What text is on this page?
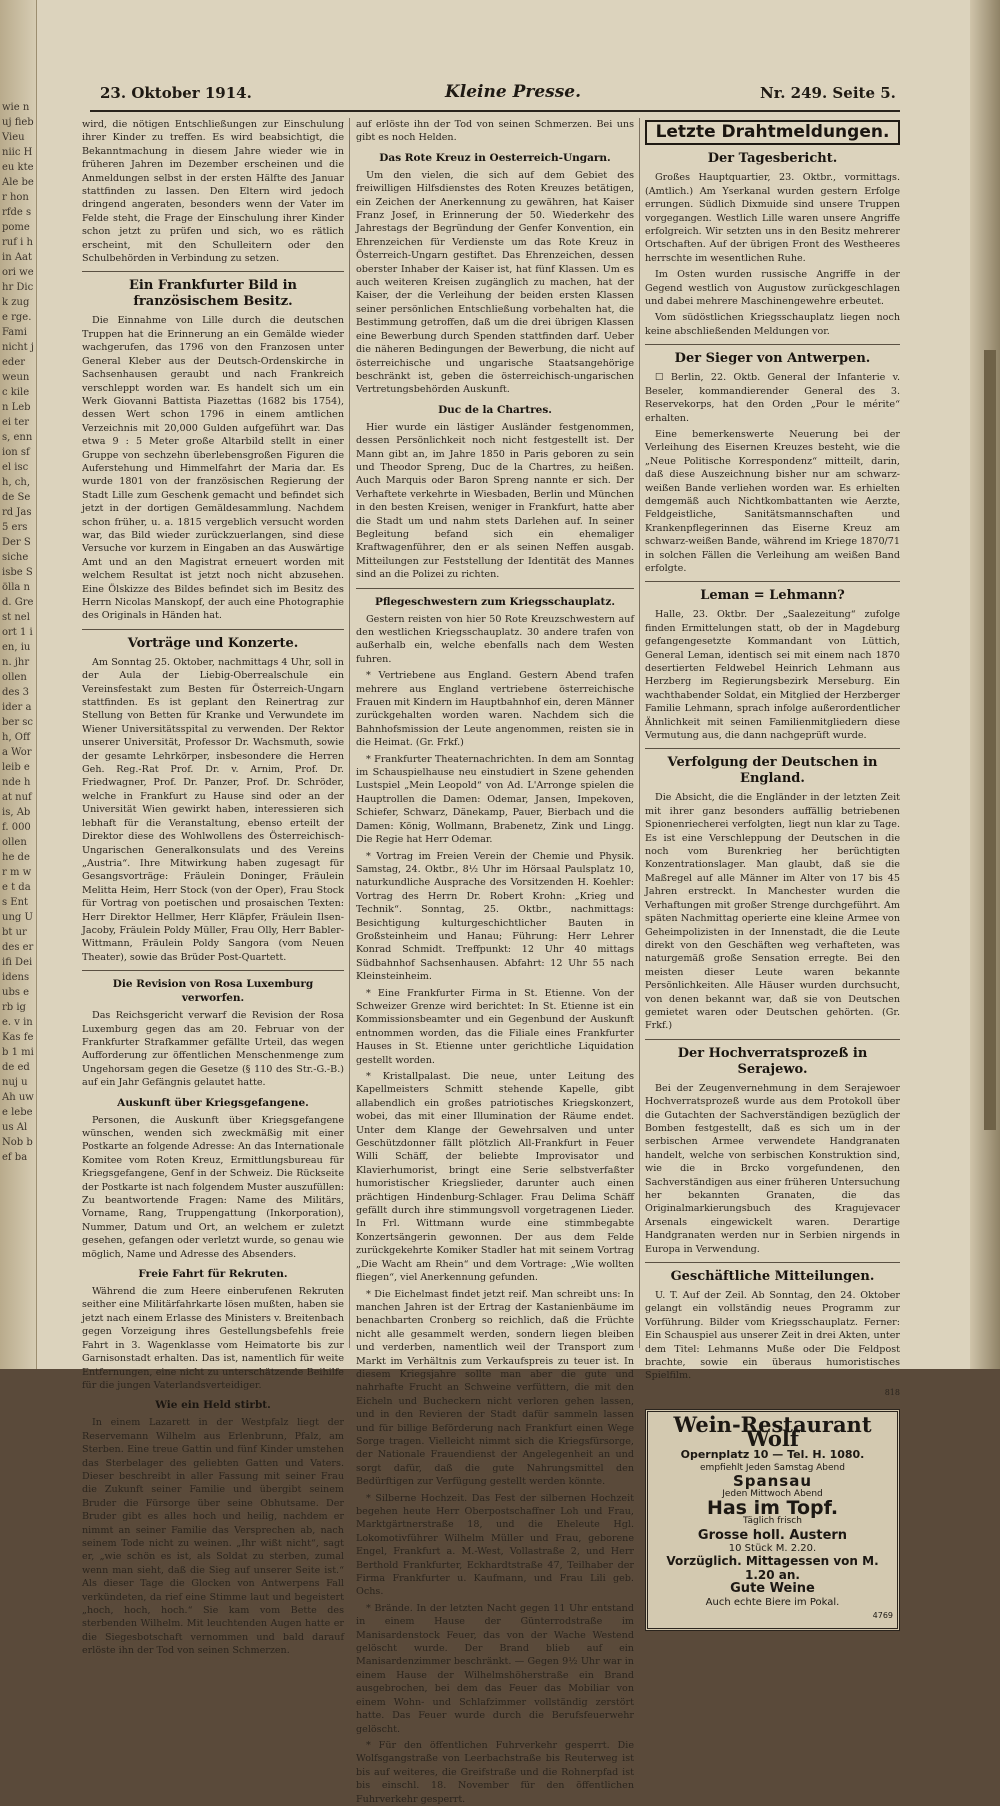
wie nuj fieb Vieu niic Heu kte Ale ber hon rfde spome ruf i hin Aatori wehr Dick zuge rge. Fami nicht jeder weunc kilen Lebei ters, enn ion sfel isch, ch,de Serd Jas 5 ers Der Ssiche isbe Sölla nd. Grest nel ort 1 ien, iun. jhr ollen des 3 ider aber sch, Offa Wor leib ende hat nuf is, Abf. 000 ollen he der m we t das Ent ung Ubt ur des erifi Dei idens ubs e rb ige. v in Kas feb 1 mi de ed nuj u Ah uwe lebe us Al Nob bef ba
23. Oktober 1914.	Kleine Presse.	Nr. 249. Seite 5.

wird, die nötigen Entschließungen zur Einschulung ihrer Kinder zu treffen. Es wird beabsichtigt, die Bekanntmachung in diesem Jahre wieder wie in früheren Jahren im Dezember erscheinen und die Anmeldungen selbst in der ersten Hälfte des Januar stattfinden zu lassen. Den Eltern wird jedoch dringend angeraten, besonders wenn der Vater im Felde steht, die Frage der Einschulung ihrer Kinder schon jetzt zu prüfen und sich, wo es rätlich erscheint, mit den Schulleitern oder den Schulbehörden in Verbindung zu setzen.

Ein Frankfurter Bild in französischem Besitz.

Die Einnahme von Lille durch die deutschen Truppen hat die Erinnerung an ein Gemälde wieder wachgerufen, das 1796 von den Franzosen unter General Kleber aus der Deutsch-Ordenskirche in Sachsenhausen geraubt und nach Frankreich verschleppt worden war. Es handelt sich um ein Werk Giovanni Battista Piazettas (1682 bis 1754), dessen Wert schon 1796 in einem amtlichen Verzeichnis mit 20,000 Gulden aufgeführt war. Das etwa 9 : 5 Meter große Altarbild stellt in einer Gruppe von sechzehn überlebensgroßen Figuren die Auferstehung und Himmelfahrt der Maria dar. Es wurde 1801 von der französischen Regierung der Stadt Lille zum Geschenk gemacht und befindet sich jetzt in der dortigen Gemäldesammlung. Nachdem schon früher, u. a. 1815 vergeblich versucht worden war, das Bild wieder zurückzuerlangen, sind diese Versuche vor kurzem in Eingaben an das Auswärtige Amt und an den Magistrat erneuert worden mit welchem Resultat ist jetzt noch nicht abzusehen. Eine Ölskizze des Bildes befindet sich im Besitz des Herrn Nicolas Manskopf, der auch eine Photographie des Originals in Händen hat.

Vorträge und Konzerte.

Am Sonntag 25. Oktober, nachmittags 4 Uhr, soll in der Aula der Liebig-Oberrealschule ein Vereinsfestakt zum Besten für Österreich-Ungarn stattfinden. Es ist geplant den Reinertrag zur Stellung von Betten für Kranke und Verwundete im Wiener Universitätsspital zu verwenden. Der Rektor unserer Universität, Professor Dr. Wachsmuth, sowie der gesamte Lehrkörper, insbesondere die Herren Geh. Reg.-Rat Prof. Dr. v. Arnim, Prof. Dr. Friedwagner, Prof. Dr. Panzer, Prof. Dr. Schröder, welche in Frankfurt zu Hause sind oder an der Universität Wien gewirkt haben, interessieren sich lebhaft für die Veranstaltung, ebenso erteilt der Direktor diese des Wohlwollens des Österreichisch-Ungarischen Generalkonsulats und des Vereins „Austria“. Ihre Mitwirkung haben zugesagt für Gesangsvorträge: Fräulein Doninger, Fräulein Melitta Heim, Herr Stock (von der Oper), Frau Stock für Vortrag von poetischen und prosaischen Texten: Herr Direktor Hellmer, Herr Kläpfer, Fräulein Ilsen-Jacoby, Fräulein Poldy Müller, Frau Olly, Herr Babler-Wittmann, Fräulein Poldy Sangora (vom Neuen Theater), sowie das Brüder Post-Quartett.

Die Revision von Rosa Luxemburg verworfen.

Das Reichsgericht verwarf die Revision der Rosa Luxemburg gegen das am 20. Februar von der Frankfurter Strafkammer gefällte Urteil, das wegen Aufforderung zur öffentlichen Menschenmenge zum Ungehorsam gegen die Gesetze (§ 110 des Str.-G.-B.) auf ein Jahr Gefängnis gelautet hatte.

Auskunft über Kriegsgefangene.

Personen, die Auskunft über Kriegsgefangene wünschen, wenden sich zweckmäßig mit einer Postkarte an folgende Adresse: An das Internationale Komitee vom Roten Kreuz, Ermittlungsbureau für Kriegsgefangene, Genf in der Schweiz. Die Rückseite der Postkarte ist nach folgendem Muster auszufüllen: Zu beantwortende Fragen: Name des Militärs, Vorname, Rang, Truppengattung (Inkorporation), Nummer, Datum und Ort, an welchem er zuletzt gesehen, gefangen oder verletzt wurde, so genau wie möglich, Name und Adresse des Absenders.

Freie Fahrt für Rekruten.

Während die zum Heere einberufenen Rekruten seither eine Militärfahrkarte lösen mußten, haben sie jetzt nach einem Erlasse des Ministers v. Breitenbach gegen Vorzeigung ihres Gestellungsbefehls freie Fahrt in 3. Wagenklasse vom Heimatorte bis zur Garnisonstadt erhalten. Das ist, namentlich für weite Entfernungen, eine nicht zu unterschätzende Beihilfe für die jungen Vaterlandsverteidiger.

Wie ein Held stirbt.

In einem Lazarett in der Westpfalz liegt der Reservemann Wilhelm aus Erlenbrunn, Pfalz, am Sterben. Eine treue Gattin und fünf Kinder umstehen das Sterbelager des geliebten Gatten und Vaters. Dieser beschreibt in aller Fassung mit seiner Frau die Zukunft seiner Familie und übergibt seinem Bruder die Fürsorge über seine Obhutsame. Der Bruder gibt es alles hoch und heilig, nachdem er nimmt an seiner Familie das Versprechen ab, nach seinem Tode nicht zu weinen. „Ihr wißt nicht“, sagt er, „wie schön es ist, als Soldat zu sterben, zumal wenn man sieht, daß die Sieg auf unserer Seite ist.“ Als dieser Tage die Glocken von Antwerpens Fall verkündeten, da rief eine Stimme laut und begeistert „hoch, hoch, hoch.“ Sie kam vom Bette des sterbenden Wilhelm. Mit leuchtenden Augen hatte er die Siegesbotschaft vernommen und bald darauf erlöste ihn der Tod von seinen Schmerzen.

auf erlöste ihn der Tod von seinen Schmerzen. Bei uns gibt es noch Helden.

Das Rote Kreuz in Oesterreich-Ungarn.

Um den vielen, die sich auf dem Gebiet des freiwilligen Hilfsdienstes des Roten Kreuzes betätigen, ein Zeichen der Anerkennung zu gewähren, hat Kaiser Franz Josef, in Erinnerung der 50. Wiederkehr des Jahrestags der Begründung der Genfer Konvention, ein Ehrenzeichen für Verdienste um das Rote Kreuz in Österreich-Ungarn gestiftet. Das Ehrenzeichen, dessen oberster Inhaber der Kaiser ist, hat fünf Klassen. Um es auch weiteren Kreisen zugänglich zu machen, hat der Kaiser, der die Verleihung der beiden ersten Klassen seiner persönlichen Entschließung vorbehalten hat, die Bestimmung getroffen, daß um die drei übrigen Klassen eine Bewerbung durch Spenden stattfinden darf. Ueber die näheren Bedingungen der Bewerbung, die nicht auf österreichische und ungarische Staatsangehörige beschränkt ist, geben die österreichisch-ungarischen Vertretungsbehörden Auskunft.

Duc de la Chartres.

Hier wurde ein lästiger Ausländer festgenommen, dessen Persönlichkeit noch nicht festgestellt ist. Der Mann gibt an, im Jahre 1850 in Paris geboren zu sein und Theodor Spreng, Duc de la Chartres, zu heißen. Auch Marquis oder Baron Spreng nannte er sich. Der Verhaftete verkehrte in Wiesbaden, Berlin und München in den besten Kreisen, weniger in Frankfurt, hatte aber die Stadt um und nahm stets Darlehen auf. In seiner Begleitung befand sich ein ehemaliger Kraftwagenführer, den er als seinen Neffen ausgab. Mitteilungen zur Feststellung der Identität des Mannes sind an die Polizei zu richten.

Pflegeschwestern zum Kriegsschauplatz.

Gestern reisten von hier 50 Rote Kreuzschwestern auf den westlichen Kriegsschauplatz. 30 andere trafen von außerhalb ein, welche ebenfalls nach dem Westen fuhren.

* Vertriebene aus England. Gestern Abend trafen mehrere aus England vertriebene österreichische Frauen mit Kindern im Hauptbahnhof ein, deren Männer zurückgehalten worden waren. Nachdem sich die Bahnhofsmission der Leute angenommen, reisten sie in die Heimat. (Gr. Frkf.)

* Frankfurter Theaternachrichten. In dem am Sonntag im Schauspielhause neu einstudiert in Szene gehenden Lustspiel „Mein Leopold“ von Ad. L'Arronge spielen die Hauptrollen die Damen: Odemar, Jansen, Impekoven, Schiefer, Schwarz, Dänekamp, Pauer, Bierbach und die Damen: König, Wollmann, Brabenetz, Zink und Lingg. Die Regie hat Herr Odemar.

* Vortrag im Freien Verein der Chemie und Physik. Samstag, 24. Oktbr., 8½ Uhr im Hörsaal Paulsplatz 10, naturkundliche Ausprache des Vorsitzenden H. Koehler: Vortrag des Herrn Dr. Robert Krohn: „Krieg und Technik“. Sonntag, 25. Oktbr., nachmittags: Besichtigung kulturgeschichtlicher Bauten in Großsteinheim und Hanau; Führung: Herr Lehrer Konrad Schmidt. Treffpunkt: 12 Uhr 40 mittags Südbahnhof Sachsenhausen. Abfahrt: 12 Uhr 55 nach Kleinsteinheim.

* Eine Frankfurter Firma in St. Etienne. Von der Schweizer Grenze wird berichtet: In St. Etienne ist ein Kommissionsbeamter und ein Gegenbund der Auskunft entnommen worden, das die Filiale eines Frankfurter Hauses in St. Etienne unter gerichtliche Liquidation gestellt worden.

* Kristallpalast. Die neue, unter Leitung des Kapellmeisters Schmitt stehende Kapelle, gibt allabendlich ein großes patriotisches Kriegskonzert, wobei, das mit einer Illumination der Räume endet. Unter dem Klange der Gewehrsalven und unter Geschützdonner fällt plötzlich All-Frankfurt in Feuer Willi Schäff, der beliebte Improvisator und Klavierhumorist, bringt eine Serie selbstverfaßter humoristischer Kriegslieder, darunter auch einen prächtigen Hindenburg-Schlager. Frau Delima Schäff gefällt durch ihre stimmungsvoll vorgetragenen Lieder. In Frl. Wittmann wurde eine stimmbegabte Konzertsängerin gewonnen. Der aus dem Felde zurückgekehrte Komiker Stadler hat mit seinem Vortrag „Die Wacht am Rhein“ und dem Vortrage: „Wie wollten fliegen“, viel Anerkennung gefunden.

* Die Eichelmast findet jetzt reif. Man schreibt uns: In manchen Jahren ist der Ertrag der Kastanienbäume im benachbarten Cronberg so reichlich, daß die Früchte nicht alle gesammelt werden, sondern liegen bleiben und verderben, namentlich weil der Transport zum Markt im Verhältnis zum Verkaufspreis zu teuer ist. In diesem Kriegsjahre sollte man aber die gute und nahrhafte Frucht an Schweine verfüttern, die mit den Eicheln und Bucheckern nicht verloren gehen lassen, und in den Revieren der Stadt dafür sammeln lassen und für billige Beförderung nach Frankfurt einen Wege Sorge tragen. Vielleicht nimmt sich die Kriegsfürsorge, der Nationale Frauendienst der Angelegenheit an und sorgt dafür, daß die gute Nahrungsmittel den Bedürftigen zur Verfügung gestellt werden könnte.

* Silberne Hochzeit. Das Fest der silbernen Hochzeit begehen heute Herr Oberpostschaffner Loh und Frau, Marktgärtnerstraße 18, und die Eheleute Hgl. Lokomotivführer Wilhelm Müller und Frau, geborene Engel, Frankfurt a. M.-West, Vollastraße 2, und Herr Berthold Frankfurter, Eckhardtstraße 47, Teilhaber der Firma Frankfurter u. Kaufmann, und Frau Lili geb. Ochs.

* Brände. In der letzten Nacht gegen 11 Uhr entstand in einem Hause der Günterrodstraße im Manisardenstock Feuer, das von der Wache Westend gelöscht wurde. Der Brand blieb auf ein Manisardenzimmer beschränkt. — Gegen 9½ Uhr war in einem Hause der Wilhelmshöherstraße ein Brand ausgebrochen, bei dem das Feuer das Mobiliar von einem Wohn- und Schlafzimmer vollständig zerstört hatte. Das Feuer wurde durch die Berufsfeuerwehr gelöscht.

* Für den öffentlichen Fuhrverkehr gesperrt. Die Wolfsgangstraße von Leerbachstraße bis Reuterweg ist bis auf weiteres, die Greifstraße und die Rohnerpfad ist bis einschl. 18. November für den öffentlichen Fuhrverkehr gesperrt.

Letzte Drahtmeldungen.
Der Tagesbericht.

Großes Hauptquartier, 23. Oktbr., vormittags. (Amtlich.) Am Yserkanal wurden gestern Erfolge errungen. Südlich Dixmuide sind unsere Truppen vorgegangen. Westlich Lille waren unsere Angriffe erfolgreich. Wir setzten uns in den Besitz mehrerer Ortschaften. Auf der übrigen Front des Westheeres herrschte im wesentlichen Ruhe.

Im Osten wurden russische Angriffe in der Gegend westlich von Augustow zurückgeschlagen und dabei mehrere Maschinengewehre erbeutet.

Vom südöstlichen Kriegsschauplatz liegen noch keine abschließenden Meldungen vor.

Der Sieger von Antwerpen.

☐ Berlin, 22. Oktb. General der Infanterie v. Beseler, kommandierender General des 3. Reservekorps, hat den Orden „Pour le mérite“ erhalten.

Eine bemerkenswerte Neuerung bei der Verleihung des Eisernen Kreuzes besteht, wie die „Neue Politische Korrespondenz“ mitteilt, darin, daß diese Auszeichnung bisher nur am schwarz-weißen Bande verliehen worden war. Es erhielten demgemäß auch Nichtkombattanten wie Aerzte, Feldgeistliche, Sanitätsmannschaften und Krankenpflegerinnen das Eiserne Kreuz am schwarz-weißen Bande, während im Kriege 1870/71 in solchen Fällen die Verleihung am weißen Band erfolgte.

Leman = Lehmann?

Halle, 23. Oktbr. Der „Saalezeitung“ zufolge finden Ermittelungen statt, ob der in Magdeburg gefangengesetzte Kommandant von Lüttich, General Leman, identisch sei mit einem nach 1870 desertierten Feldwebel Heinrich Lehmann aus Herzberg im Regierungsbezirk Merseburg. Ein wachthabender Soldat, ein Mitglied der Herzberger Familie Lehmann, sprach infolge außerordentlicher Ähnlichkeit mit seinen Familienmitgliedern diese Vermutung aus, die dann nachgeprüft wurde.

Verfolgung der Deutschen in England.

Die Absicht, die die Engländer in der letzten Zeit mit ihrer ganz besonders auffällig betriebenen Spionenriecherei verfolgten, liegt nun klar zu Tage. Es ist eine Verschleppung der Deutschen in die noch vom Burenkrieg her berüchtigten Konzentrationslager. Man glaubt, daß sie die Maßregel auf alle Männer im Alter von 17 bis 45 Jahren erstreckt. In Manchester wurden die Verhaftungen mit großer Strenge durchgeführt. Am späten Nachmittag operierte eine kleine Armee von Geheimpolizisten in der Innenstadt, die die Leute direkt von den Geschäften weg verhafteten, was naturgemäß große Sensation erregte. Bei den meisten dieser Leute waren bekannte Persönlichkeiten. Alle Häuser wurden durchsucht, von denen bekannt war, daß sie von Deutschen gemietet waren oder Deutschen gehörten. (Gr. Frkf.)

Der Hochverratsprozeß in Serajewo.

Bei der Zeugenvernehmung in dem Serajewoer Hochverratsprozeß wurde aus dem Protokoll über die Gutachten der Sachverständigen bezüglich der Bomben festgestellt, daß es sich um in der serbischen Armee verwendete Handgranaten handelt, welche von serbischen Konstruktion sind, wie die in Brcko vorgefundenen, den Sachverständigen aus einer früheren Untersuchung her bekannten Granaten, die das Originalmarkierungsbuch des Kragujevacer Arsenals eingewickelt waren. Derartige Handgranaten werden nur in Serbien nirgends in Europa in Verwendung.

Geschäftliche Mitteilungen.

U. T. Auf der Zeil. Ab Sonntag, den 24. Oktober gelangt ein vollständig neues Programm zur Vorführung. Bilder vom Kriegsschauplatz. Ferner: Ein Schauspiel aus unserer Zeit in drei Akten, unter dem Titel: Lehmanns Muße oder Die Feldpost brachte, sowie ein überaus humoristisches Spielfilm.

818
Wein-Restaurant Wolf
Opernplatz 10 — Tel. H. 1080.
empfiehlt Jeden Samstag Abend
Spansau
Jeden Mittwoch Abend
Has im Topf.
Täglich frisch
Grosse holl. Austern
10 Stück M. 2.20.
Vorzüglich. Mittagessen von M. 1.20 an.
Gute Weine
Auch echte Biere im Pokal.
4769
